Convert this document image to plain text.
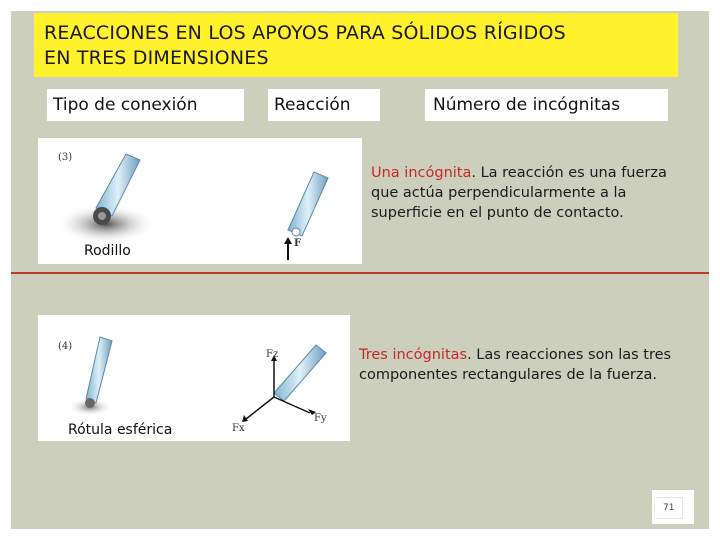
REACCIONES EN LOS APOYOS PARA SÓLIDOS RÍGIDOS
EN TRES DIMENSIONES
Tipo de conexión	Reacción	Número de incógnitas
(3)
F
Rodillo
Una incógnita. La reacción es una fuerza que actúa perpendicularmente a la superficie en el punto de contacto.
(4)
Fz
Fy
Fx
Rótula esférica
Tres incógnitas. Las reacciones son las tres componentes rectangulares de la fuerza.
71
